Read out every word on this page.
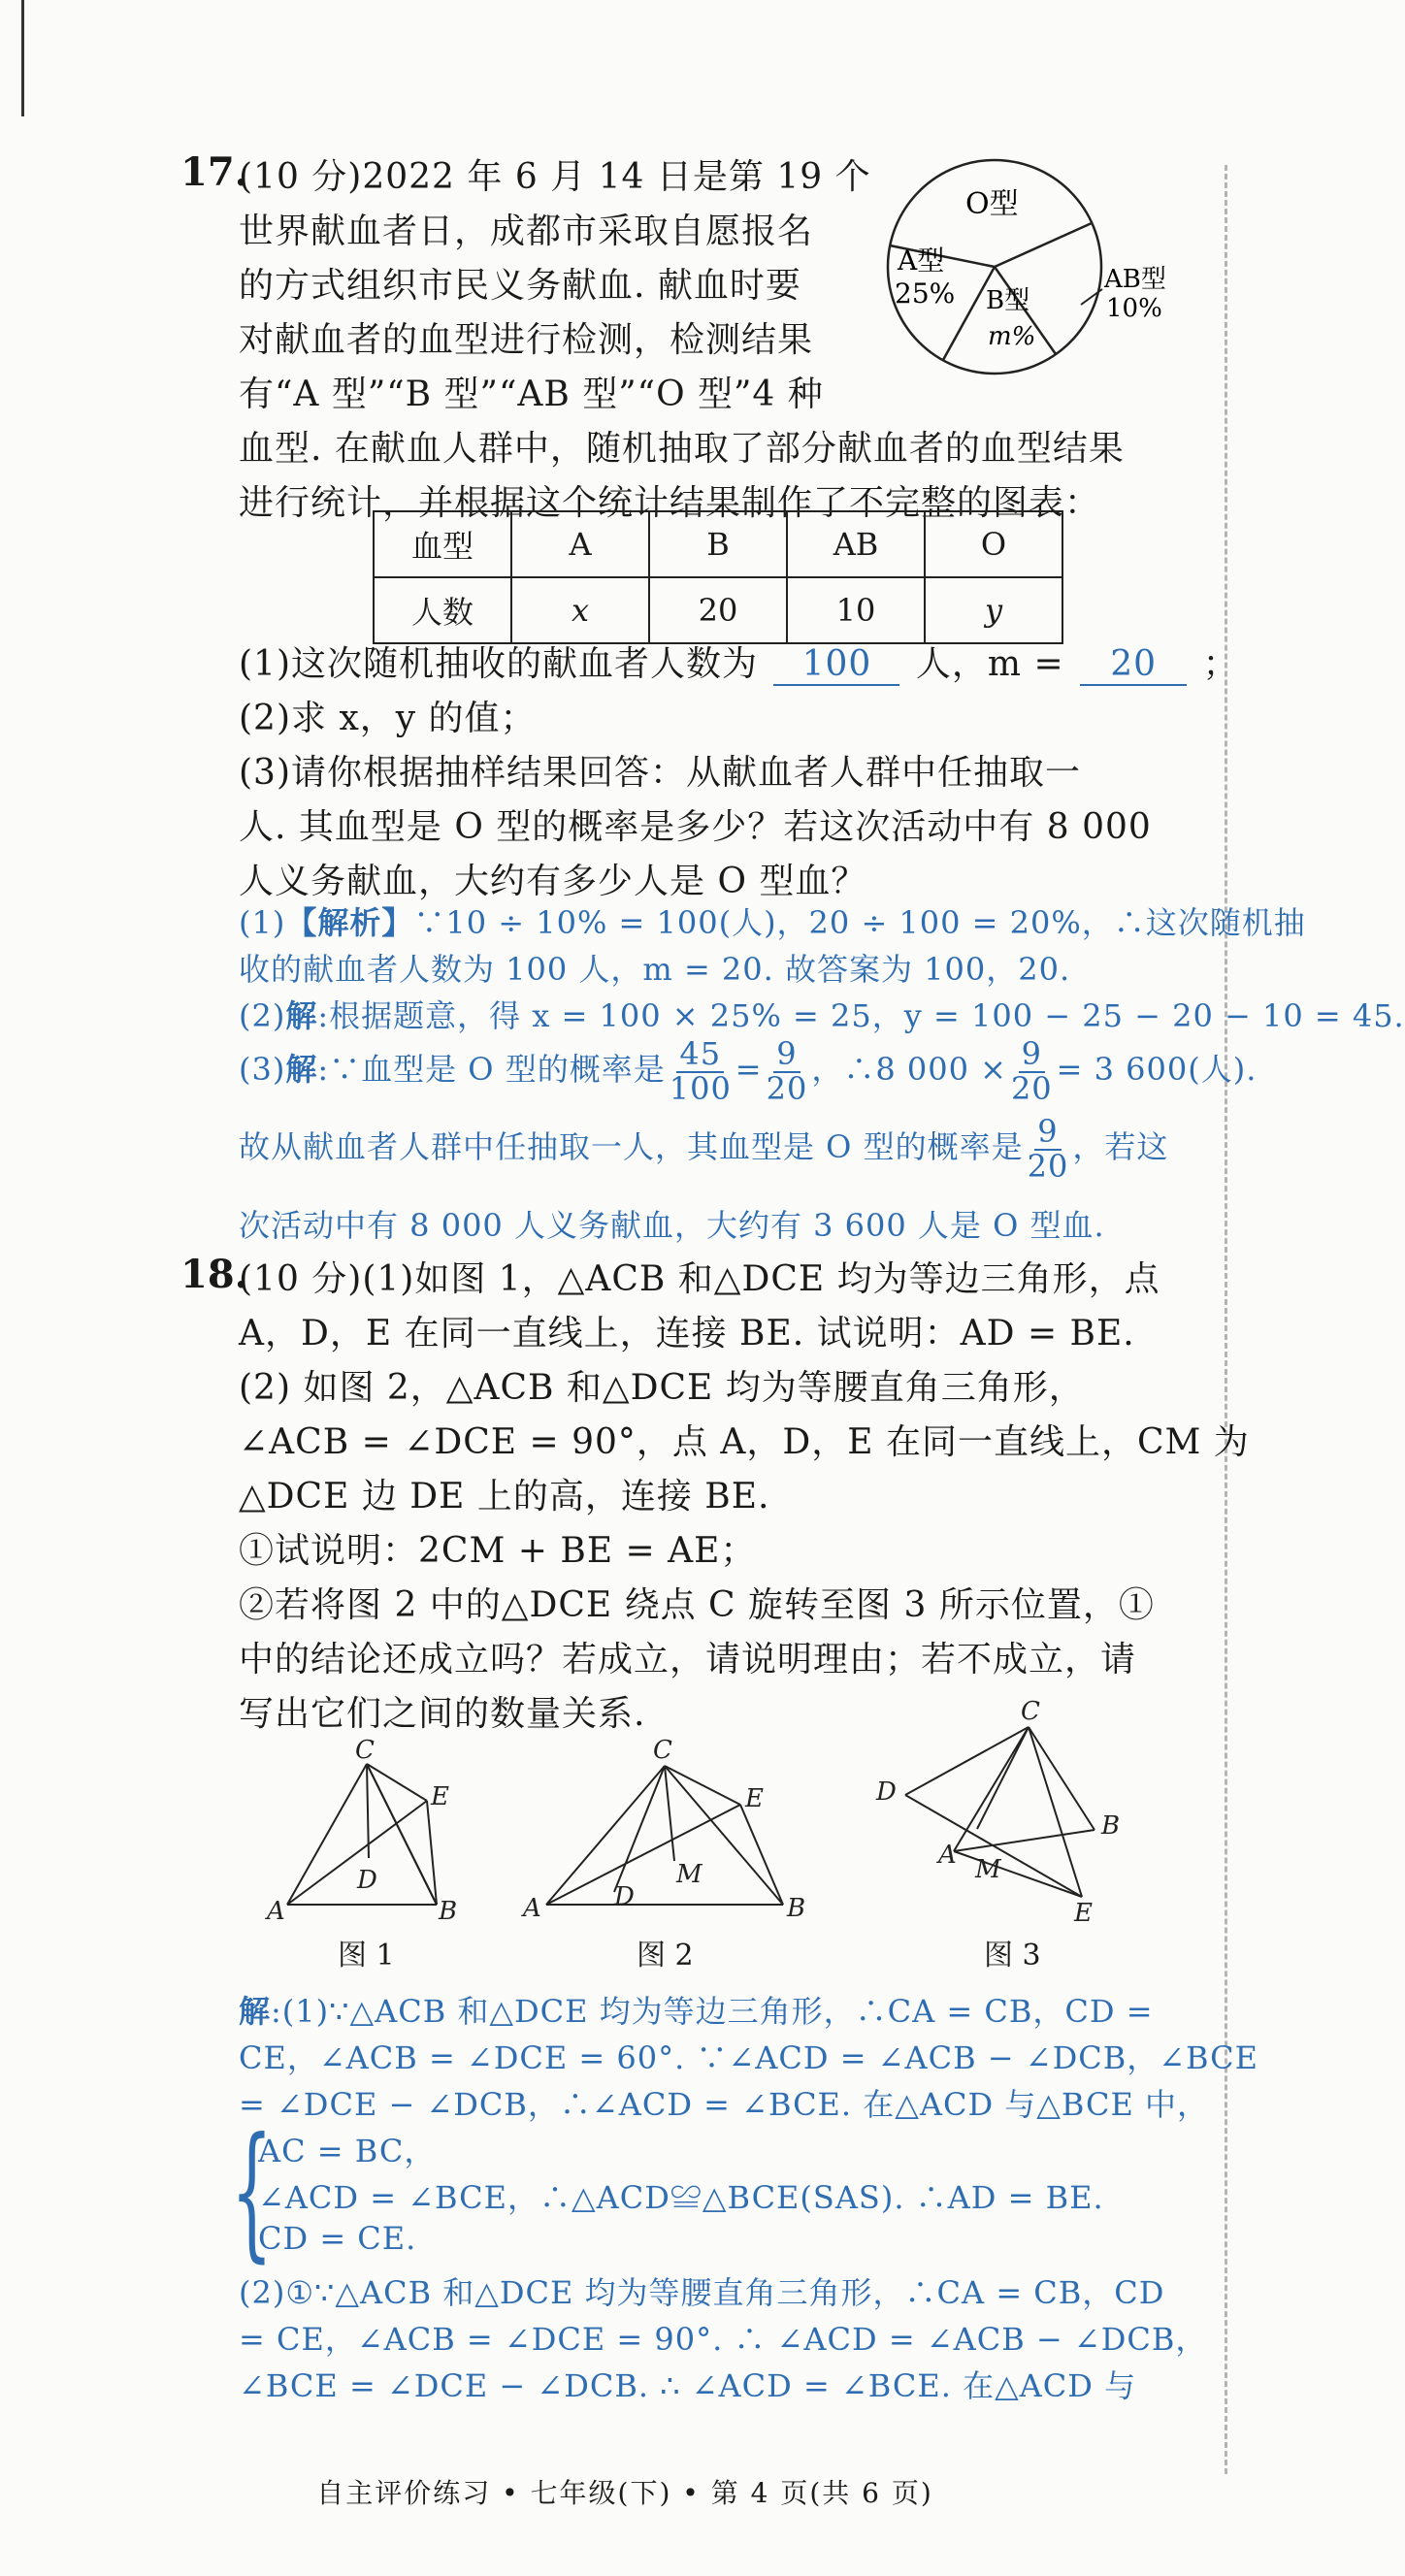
17.
(10 分)2022 年 6 月 14 日是第 19 个
世界献血者日，成都市采取自愿报名
的方式组织市民义务献血. 献血时要
对献血者的血型进行检测，检测结果
有“A 型”“B 型”“AB 型”“O 型”4 种
血型. 在献血人群中，随机抽取了部分献血者的血型结果
进行统计，并根据这个统计结果制作了不完整的图表：
O型
A型
25% B型
m%
AB型
10%
血型	A	B	AB	O
人数	x	20	10	y
(1)这次随机抽收的献血者人数为 100 人，m = 20 ；
(2)求 x，y 的值；
(3)请你根据抽样结果回答：从献血者人群中任抽取一
人. 其血型是 O 型的概率是多少？若这次活动中有 8 000
人义务献血，大约有多少人是 O 型血？
(1)【解析】∵10 ÷ 10% = 100(人)，20 ÷ 100 = 20%，∴这次随机抽
收的献血者人数为 100 人，m = 20. 故答案为 100，20.
(2)解:根据题意，得 x = 100 × 25% = 25，y = 100 − 25 − 20 − 10 = 45.
(3)解:∵血型是 O 型的概率是 $\frac{45}{100} = \frac{9}{20}$ ，∴8 $000 \times \frac{9}{20} = 3$ 600(人).
故从献血者人群中任抽取一人，其血型是 O 型的概率是 $\frac{9}{20}$ ，若这
次活动中有 8 000 人义务献血，大约有 3 600 人是 O 型血.
18.
(10 分)(1)如图 1，△ACB 和△DCE 均为等边三角形，点
A，D，E 在同一直线上，连接 BE. 试说明：AD = BE.
(2) 如图 2，△ACB 和△DCE 均为等腰直角三角形，
∠ACB = ∠DCE = 90°，点 A，D，E 在同一直线上，CM 为
△DCE 边 DE 上的高，连接 BE.
①试说明：2CM + BE = AE；
②若将图 2 中的△DCE 绕点 C 旋转至图 3 所示位置，①
中的结论还成立吗？若成立，请说明理由；若不成立，请
写出它们之间的数量关系.
C
E
D
A	B
图 1
C
E
M
D
A	B
图 2
C
D
B
A M
E
图 3
解:(1)∵△ACB 和△DCE 均为等边三角形，∴CA = CB，CD =
CE，∠ACB = ∠DCE = 60°. ∵∠ACD = ∠ACB − ∠DCB，∠BCE
= ∠DCE − ∠DCB，∴∠ACD = ∠BCE. 在△ACD 与△BCE 中，
{
AC = BC，
∠ACD = ∠BCE，∴△ACD≌△BCE(SAS). ∴AD = BE.
CD = CE.
(2)①∵△ACB 和△DCE 均为等腰直角三角形，∴CA = CB，CD
= CE，∠ACB = ∠DCE = 90°. ∴ ∠ACD = ∠ACB − ∠DCB，
∠BCE = ∠DCE − ∠DCB. ∴ ∠ACD = ∠BCE. 在△ACD 与
自主评价练习 • 七年级(下) • 第 4 页(共 6 页)
